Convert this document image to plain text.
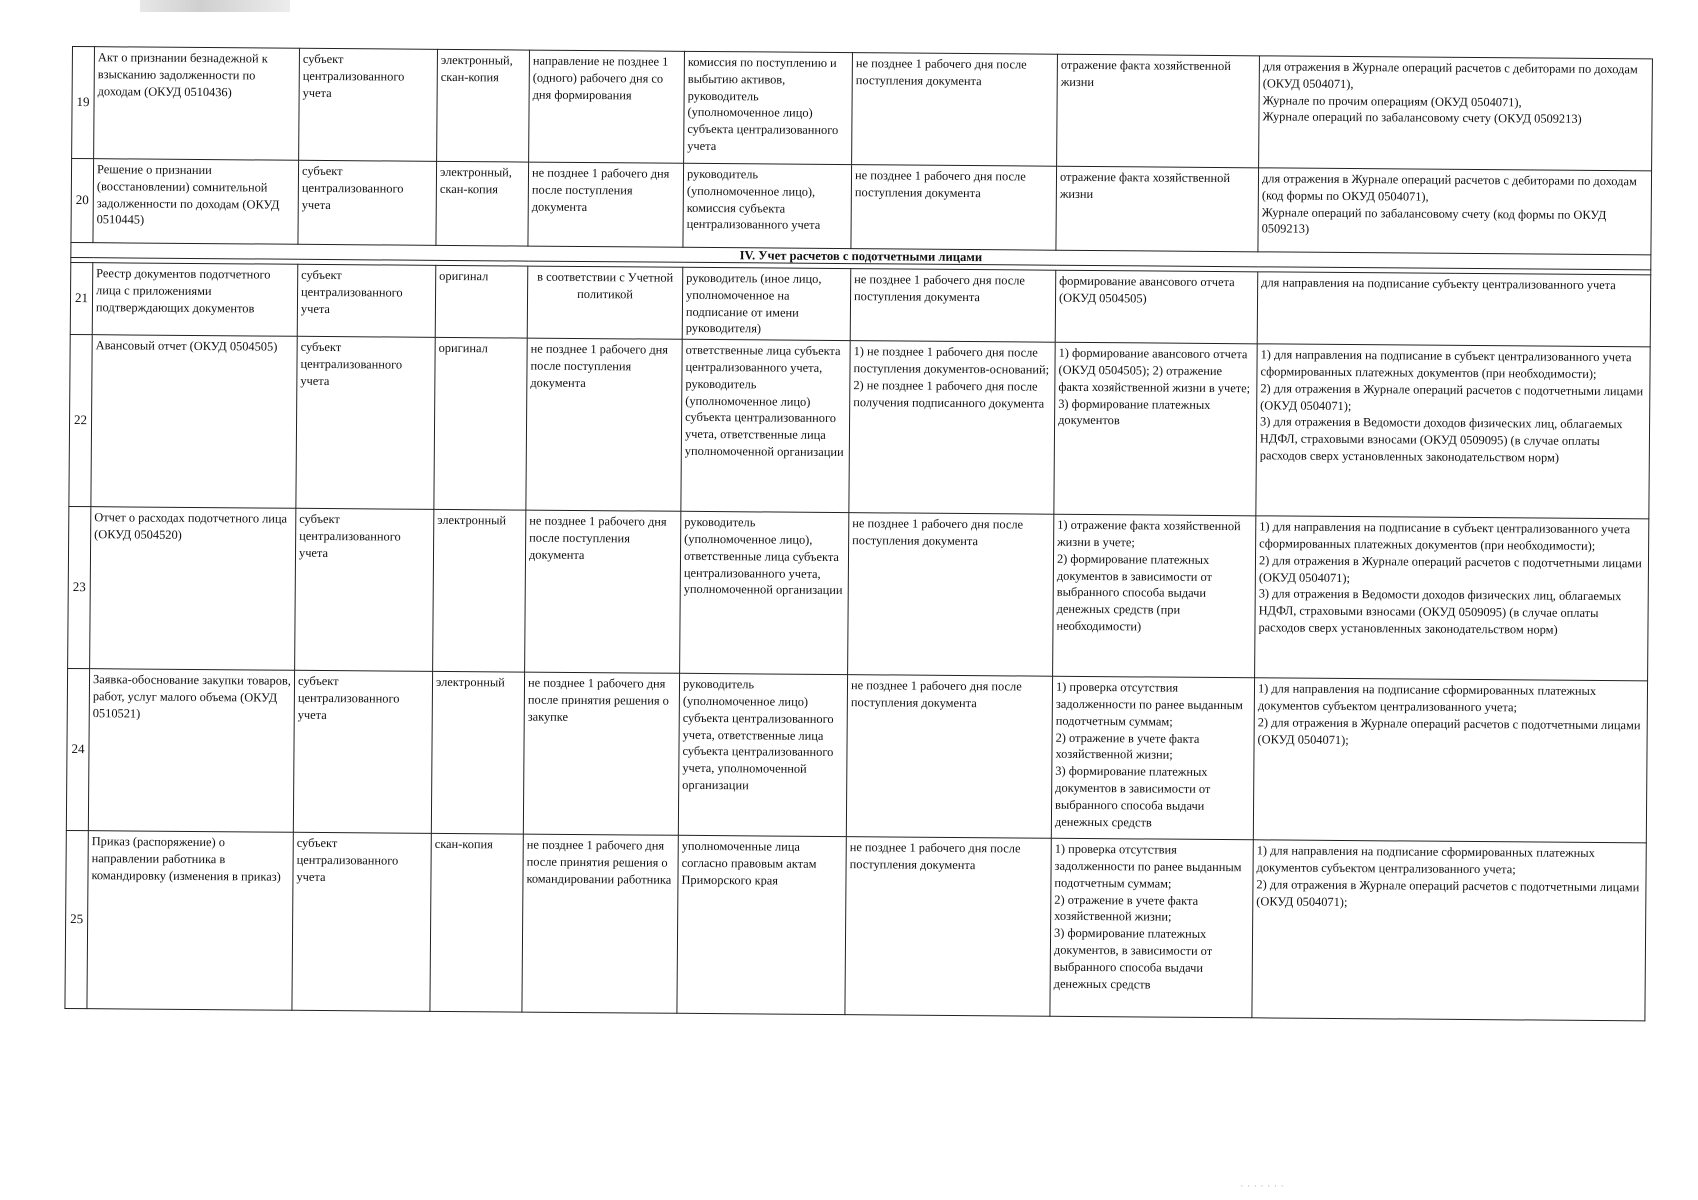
19	Акт о признании безнадежной к взысканию задолженности по доходам (ОКУД 0510436)	субъект централизованного учета	электронный, скан-копия	направление не позднее 1 (одного) рабочего дня со дня формирования	комиссия по поступлению и выбытию активов, руководитель (уполномоченное лицо) субъекта централизованного учета	не позднее 1 рабочего дня после поступления документа	отражение факта хозяйственной жизни	для отражения в Журнале операций расчетов с дебиторами по доходам (ОКУД 0504071),
Журнале по прочим операциям (ОКУД 0504071),
Журнале операций по забалансовому счету (ОКУД 0509213)
20	Решение о признании (восстановлении) сомнительной задолженности по доходам (ОКУД 0510445)	субъект централизованного учета	электронный, скан-копия	не позднее 1 рабочего дня после поступления документа	руководитель (уполномоченное лицо), комиссия субъекта централизованного учета	не позднее 1 рабочего дня после поступления документа	отражение факта хозяйственной жизни	для отражения в Журнале операций расчетов с дебиторами по доходам (код формы по ОКУД 0504071),
Журнале операций по забалансовому счету (код формы по ОКУД 0509213)
IV. Учет расчетов с подотчетными лицами								

21	Реестр документов подотчетного лица с приложениями подтверждающих документов	субъект централизованного учета	оригинал	в соответствии с Учетной политикой	руководитель (иное лицо, уполномоченное на подписание от имени руководителя)	не позднее 1 рабочего дня после поступления документа	формирование авансового отчета (ОКУД 0504505)	для направления на подписание субъекту централизованного учета
22	Авансовый отчет (ОКУД 0504505)	субъект централизованного учета	оригинал	не позднее 1 рабочего дня после поступления документа	ответственные лица субъекта централизованного учета, руководитель (уполномоченное лицо) субъекта централизованного учета, ответственные лица уполномоченной организации	1) не позднее 1 рабочего дня после поступления документов-оснований; 2) не позднее 1 рабочего дня после получения подписанного документа	1) формирование авансового отчета (ОКУД 0504505); 2) отражение факта хозяйственной жизни в учете;
3) формирование платежных документов	1) для направления на подписание в субъект централизованного учета сформированных платежных документов (при необходимости);
2) для отражения в Журнале операций расчетов с подотчетными лицами (ОКУД 0504071);
3) для отражения в Ведомости доходов физических лиц, облагаемых НДФЛ, страховыми взносами (ОКУД 0509095) (в случае оплаты расходов сверх установленных законодательством норм)
23	Отчет о расходах подотчетного лица (ОКУД 0504520)	субъект централизованного учета	электронный	не позднее 1 рабочего дня после поступления документа	руководитель (уполномоченное лицо), ответственные лица субъекта централизованного учета, уполномоченной организации	не позднее 1 рабочего дня после поступления документа	1) отражение факта хозяйственной жизни в учете;
2) формирование платежных документов в зависимости от выбранного способа выдачи денежных средств (при необходимости)	1) для направления на подписание в субъект централизованного учета сформированных платежных документов (при необходимости);
2) для отражения в Журнале операций расчетов с подотчетными лицами (ОКУД 0504071);
3) для отражения в Ведомости доходов физических лиц, облагаемых НДФЛ, страховыми взносами (ОКУД 0509095) (в случае оплаты расходов сверх установленных законодательством норм)
24	Заявка-обоснование закупки товаров, работ, услуг малого объема (ОКУД 0510521)	субъект централизованного учета	электронный	не позднее 1 рабочего дня после принятия решения о закупке	руководитель (уполномоченное лицо) субъекта централизованного учета, ответственные лица субъекта централизованного учета, уполномоченной организации	не позднее 1 рабочего дня после поступления документа	1) проверка отсутствия задолженности по ранее выданным подотчетным суммам;
2) отражение в учете факта хозяйственной жизни;
3) формирование платежных документов в зависимости от выбранного способа выдачи денежных средств	1) для направления на подписание сформированных платежных документов субъектом централизованного учета;
2) для отражения в Журнале операций расчетов с подотчетными лицами (ОКУД 0504071);
25	Приказ (распоряжение) о направлении работника в командировку (изменения в приказ)	субъект централизованного учета	скан-копия	не позднее 1 рабочего дня после принятия решения о командировании работника	уполномоченные лица согласно правовым актам Приморского края	не позднее 1 рабочего дня после поступления документа	1) проверка отсутствия задолженности по ранее выданным подотчетным суммам;
2) отражение в учете факта хозяйственной жизни;
3) формирование платежных документов, в зависимости от выбранного способа выдачи денежных средств	1) для направления на подписание сформированных платежных документов субъектом централизованного учета;
2) для отражения в Журнале операций расчетов с подотчетными лицами (ОКУД 0504071);
· · · · · · ·
